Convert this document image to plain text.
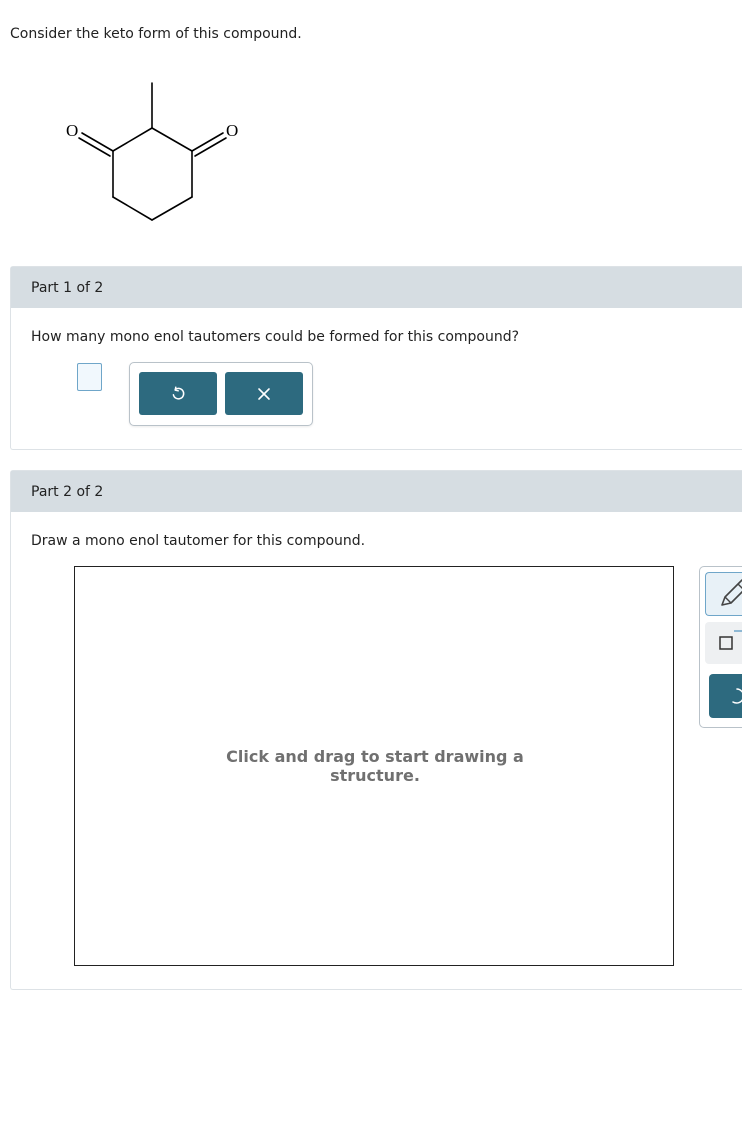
Consider the keto form of this compound.
O	O
Part 1 of 2
How many mono enol tautomers could be formed for this compound?
Part 2 of 2
Draw a mono enol tautomer for this compound.
Click and drag to start drawing a structure.
